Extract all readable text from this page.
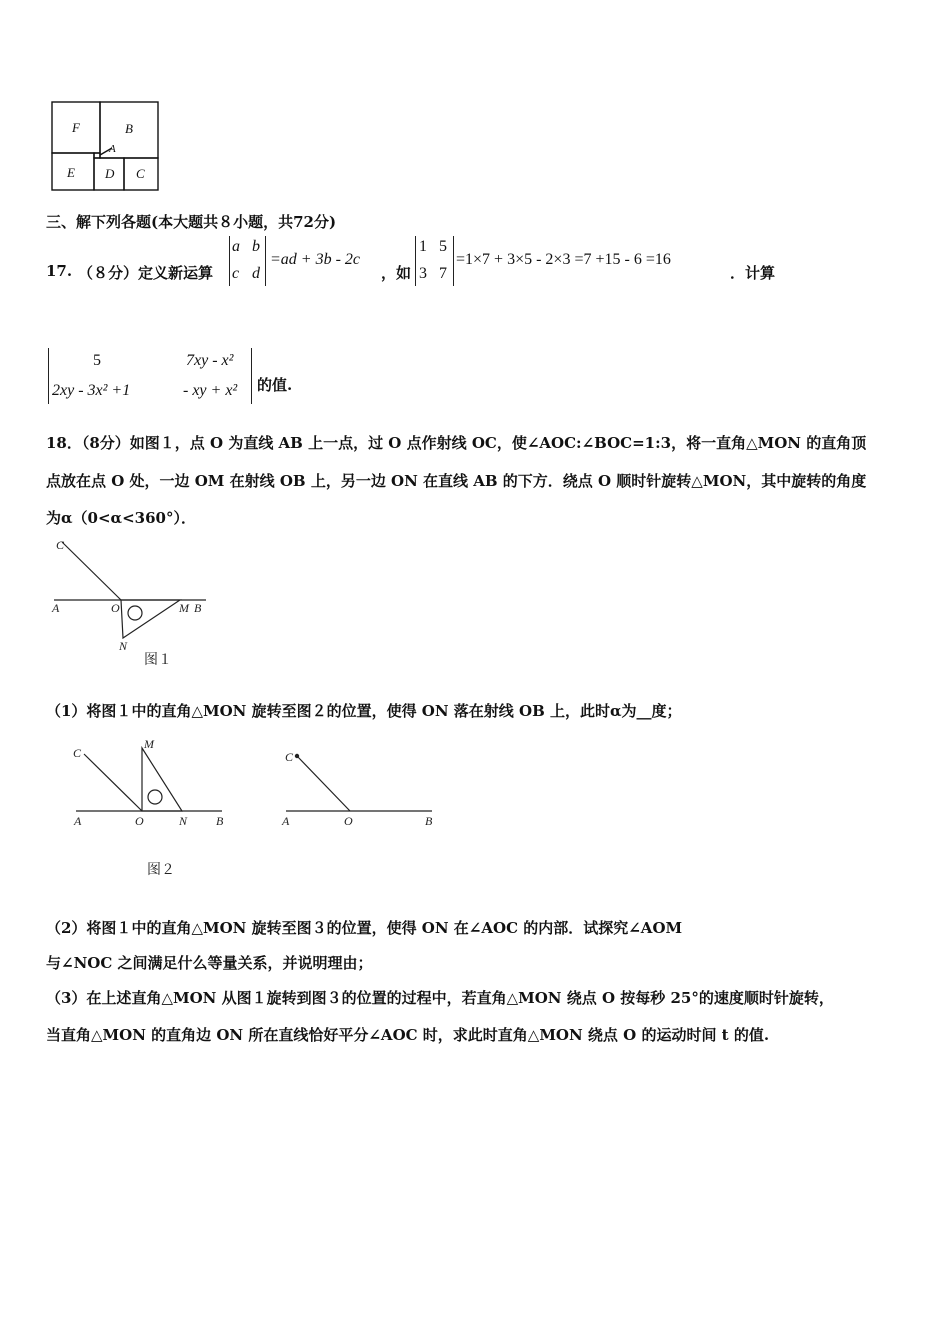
F	B
A
E D C
三、解下列各题(本大题共８小题，共72分)
17. （８分）定义新运算
a b
c d
=ad + 3b - 2c
，如
1 5
3 7
=1×7 + 3×5 - 2×3 =7 +15 - 6 =16
．计算
5	7xy - x²
2xy - 3x² +1	- xy + x² 的值.
18．（8分）如图１，点 O 为直线 AB 上一点，过 O 点作射线 OC，使∠AOC:∠BOC=1:3，将一直角△MON 的直角顶
点放在点 O 处，一边 OM 在射线 OB 上，另一边 ON 在直线 AB 的下方．绕点 O 顺时针旋转△MON，其中旋转的角度
为α（0<α<360°）．
C
A	O	M B
N
图１
（1）将图１中的直角△MON 旋转至图２的位置，使得 ON 落在射线 OB 上，此时α为__度；
C
M
A	O	N B
图２
C
A	O	B
（2）将图１中的直角△MON 旋转至图３的位置，使得 ON 在∠AOC 的内部．试探究∠AOM
与∠NOC 之间满足什么等量关系，并说明理由；
（3）在上述直角△MON 从图１旋转到图３的位置的过程中，若直角△MON 绕点 O 按每秒 25°的速度顺时针旋转，
当直角△MON 的直角边 ON 所在直线恰好平分∠AOC 时，求此时直角△MON 绕点 O 的运动时间 t 的值.
